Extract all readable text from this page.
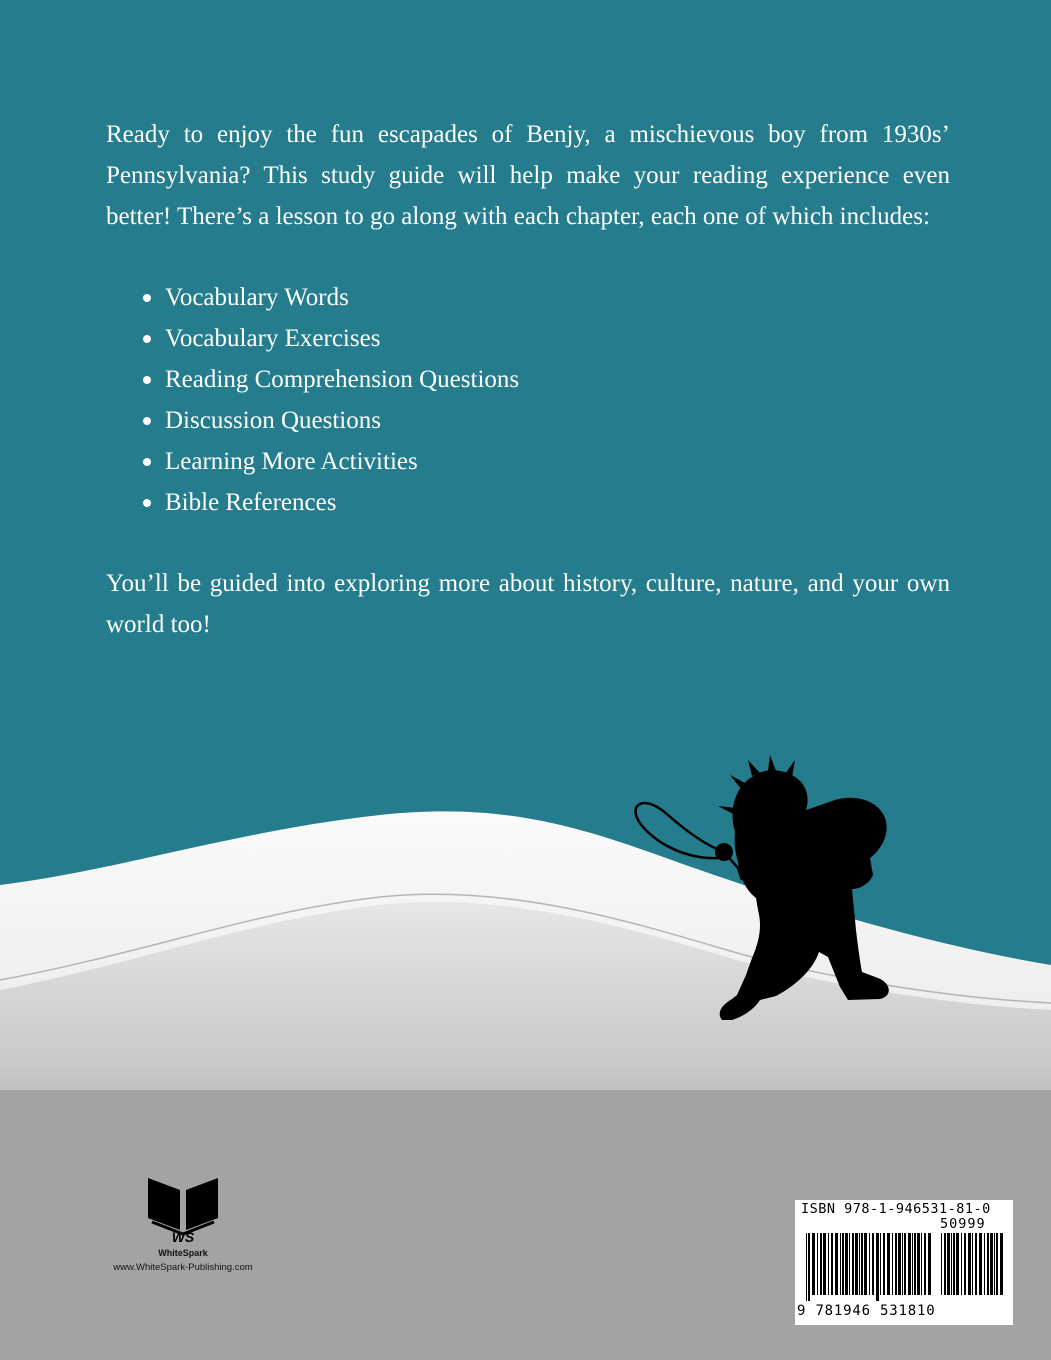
Ready to enjoy the fun escapades of Benjy, a mischievous boy from 1930s’ Pennsylvania? This study guide will help make your reading experience even better! There’s a lesson to go along with each chapter, each one of which includes:

Vocabulary Words
Vocabulary Exercises
Reading Comprehension Questions
Discussion Questions
Learning More Activities
Bible References

You’ll be guided into exploring more about history, culture, nature, and your own world too!

WS
WhiteSpark
www.WhiteSpark-Publishing.com
ISBN 978-1-946531-81-0
50999
9 781946 531810
